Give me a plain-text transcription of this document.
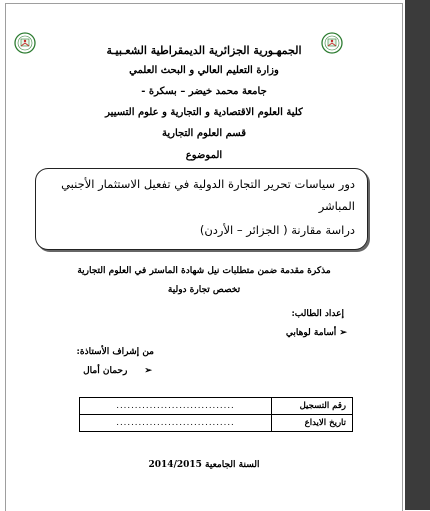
الجمهـورية الجزائرية الديمقراطية الشعـبيـة
وزارة التعليم العالي و البحث العلمي
جامعة محمد خيضر – بسكرة -
كلية العلوم الاقتصادية و التجارية و علوم التسيير
قسم العلوم التجارية
الموضوع
دور سياسات تحرير التجارة الدولية في تفعيل الاستثمار الأجنبي
المباشر
دراسة مقارنة ( الجزائر – الأردن)
مذكرة مقدمة ضمن متطلبات نيل شهادة الماستر في العلوم التجارية
تخصص تجارة دولية
إعداد الطالب:
➢ أسامة لوهابي
من إشراف الأستاذة:
➢ رحمان أمال
رقم التسجيل	................................
تاريخ الايداع	................................
السنة الجامعية 2014/2015
